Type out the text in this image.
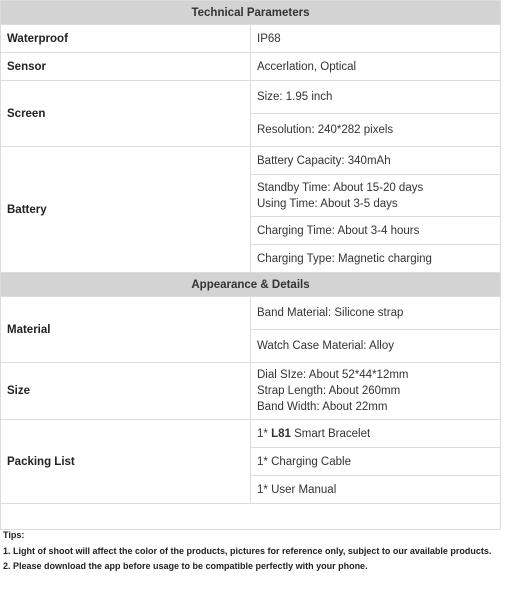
Technical Parameters	
Waterproof	IP68
Sensor	Accerlation, Optical
Screen	Size: 1.95 inch
	Resolution: 240*282 pixels
Battery	Battery Capacity: 340mAh

	Standby Time: About 15-20 days
Using Time: About 3-5 days

	Charging Time: About 3-4 hours
	Charging Type: Magnetic charging
Appearance & Details	
Material	Band Material: Silicone strap
	Watch Case Material: Alloy
Size	Dial SIze: About 52*44*12mm
Strap Length: About 260mm
Band Width: About 22mm

Packing List	1* L81 Smart Bracelet
	1* Charging Cable
	1* User Manual

Tips:
1. Light of shoot will affect the color of the products, pictures for reference only, subject to our available products.
2. Please download the app before usage to be compatible perfectly with your phone.
